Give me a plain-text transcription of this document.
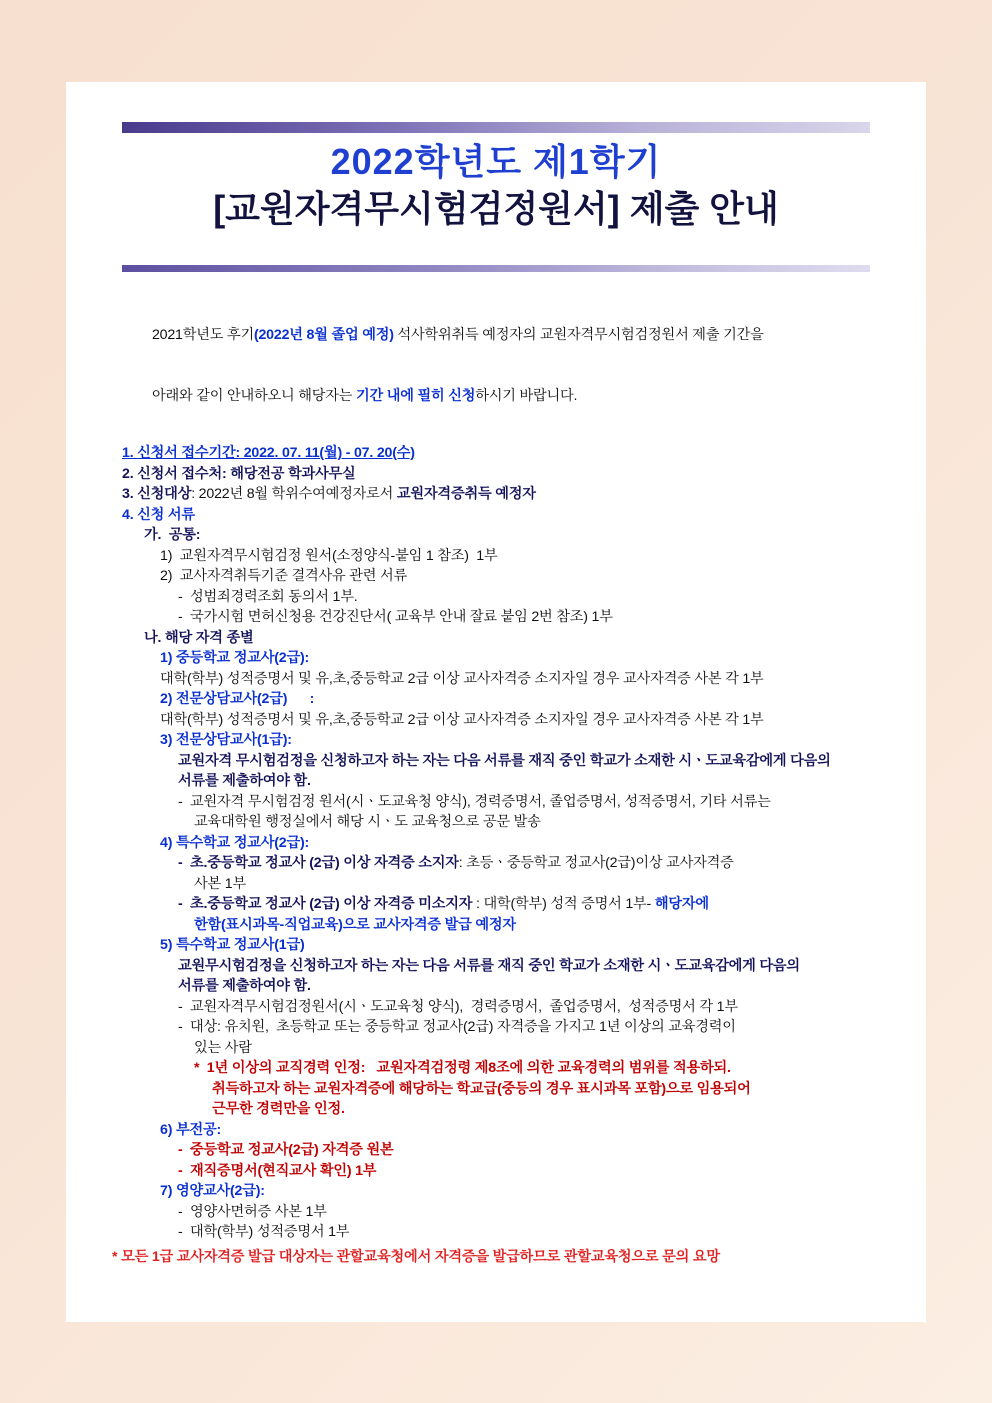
2022학년도 제1학기
[교원자격무시험검정원서] 제출 안내

2021학년도 후기(2022년 8월 졸업 예정) 석사학위취득 예정자의 교원자격무시험검정원서 제출 기간을

아래와 같이 안내하오니 해당자는 기간 내에 필히 신청하시기 바랍니다.

1. 신청서 접수기간: 2022. 07. 11(월) - 07. 20(수)
2. 신청서 접수처: 해당전공 학과사무실
3. 신청대상: 2022년 8월 학위수여예정자로서 교원자격증취득 예정자
4. 신청 서류
가.  공통:
1)  교원자격무시험검정 원서(소정양식-붙임 1 참조)  1부
2)  교사자격취득기준 결격사유 관련 서류
-  성범죄경력조회 동의서 1부.
-  국가시험 면허신청용 건강진단서( 교육부 안내 잘료 붙임 2번 참조) 1부
나. 해당 자격 종별
1) 중등학교 정교사(2급):
대학(학부) 성적증명서 및 유,초,중등학교 2급 이상 교사자격증 소지자일 경우 교사자격증 사본 각 1부
2) 전문상담교사(2급)      :
대학(학부) 성적증명서 및 유,초,중등학교 2급 이상 교사자격증 소지자일 경우 교사자격증 사본 각 1부
3) 전문상담교사(1급):
교원자격 무시험검정을 신청하고자 하는 자는 다음 서류를 재직 중인 학교가 소재한 시ㆍ도교육감에게 다음의
서류를 제출하여야 함.
-  교원자격 무시험검정 원서(시ㆍ도교육청 양식), 경력증명서, 졸업증명서, 성적증명서, 기타 서류는
교육대학원 행정실에서 해당 시ㆍ도 교육청으로 공문 발송
4) 특수학교 정교사(2급):
-  초.중등학교 정교사 (2급) 이상 자격증 소지자: 초등ㆍ중등학교 정교사(2급)이상 교사자격증
사본 1부
-  초.중등학교 정교사 (2급) 이상 자격증 미소지자 : 대학(학부) 성적 증명서 1부- 해당자에
한함(표시과목-직업교육)으로 교사자격증 발급 예정자
5) 특수학교 정교사(1급)
교원무시험검정을 신청하고자 하는 자는 다음 서류를 재직 중인 학교가 소재한 시ㆍ도교육감에게 다음의
서류를 제출하여야 함.
-  교원자격무시험검정원서(시ㆍ도교육청 양식),  경력증명서,  졸업증명서,  성적증명서 각 1부
-  대상: 유치원,  초등학교 또는 중등학교 정교사(2급) 자격증을 가지고 1년 이상의 교육경력이
있는 사람
*  1년 이상의 교직경력 인정:   교원자격검정령 제8조에 의한 교육경력의 범위를 적용하되.
취득하고자 하는 교원자격증에 해당하는 학교급(중등의 경우 표시과목 포함)으로 임용되어
근무한 경력만을 인정.
6) 부전공:
-  중등학교 정교사(2급) 자격증 원본
-  재직증명서(현직교사 확인) 1부
7) 영양교사(2급):
-  영양사면허증 사본 1부
-  대학(학부) 성적증명서 1부
* 모든 1급 교사자격증 발급 대상자는 관할교육청에서 자격증을 발급하므로 관할교육청으로 문의 요망
